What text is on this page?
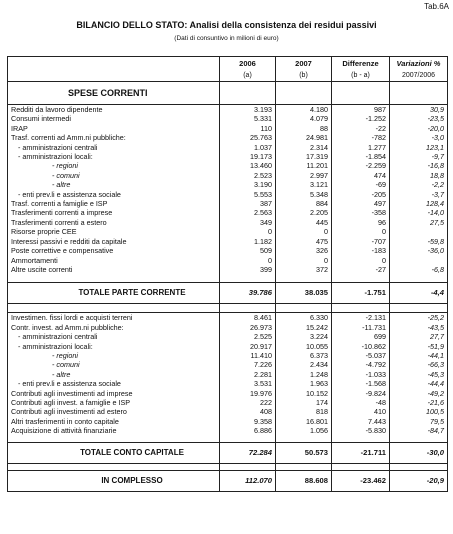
Tab.6A
BILANCIO DELLO STATO: Analisi della consistenza dei residui passivi
(Dati di consuntivo in milioni di euro)
	2006	2007	Differenze	Variazioni %
	(a)	(b)	(b - a)	2007/2006
SPESE CORRENTI				
Redditi da lavoro dipendente	3.193	4.180	987	30,9
Consumi intermedi	5.331	4.079	-1.252	-23,5
IRAP	110	88	-22	-20,0
Trasf. correnti ad Amm.ni pubbliche:	25.763	24.981	-782	-3,0
- amministrazioni centrali	1.037	2.314	1.277	123,1
- amministrazioni locali:	19.173	17.319	-1.854	-9,7
- regioni	13.460	11.201	-2.259	-16,8
- comuni	2.523	2.997	474	18,8
- altre	3.190	3.121	-69	-2,2
- enti prev.li e assistenza sociale	5.553	5.348	-205	-3,7
Trasf. correnti a famiglie e ISP	387	884	497	128,4
Trasferimenti correnti a imprese	2.563	2.205	-358	-14,0
Trasferimenti correnti a estero	349	445	96	27,5
Risorse proprie CEE	0	0	0	
Interessi passivi e redditi da capitale	1.182	475	-707	-59,8
Poste correttive e compensative	509	326	-183	-36,0
Ammortamenti	0	0	0	
Altre uscite correnti	399	372	-27	-6,8

TOTALE PARTE CORRENTE	39.786	38.035	-1.751	-4,4

Investimen. fissi lordi e acquisti terreni	8.461	6.330	-2.131	-25,2
Contr. invest. ad Amm.ni pubbliche:	26.973	15.242	-11.731	-43,5
- amministrazioni centrali	2.525	3.224	699	27,7
- amministrazioni locali:	20.917	10.055	-10.862	-51,9
- regioni	11.410	6.373	-5.037	-44,1
- comuni	7.226	2.434	-4.792	-66,3
- altre	2.281	1.248	-1.033	-45,3
- enti prev.li e assistenza sociale	3.531	1.963	-1.568	-44,4
Contributi agli investimenti ad imprese	19.976	10.152	-9.824	-49,2
Contributi agli invest. a famiglie e ISP	222	174	-48	-21,6
Contributi agli investimenti ad estero	408	818	410	100,5
Altri trasferimenti in conto capitale	9.358	16.801	7.443	79,5
Acquisizione di attività finanziarie	6.886	1.056	-5.830	-84,7

TOTALE CONTO CAPITALE	72.284	50.573	-21.711	-30,0

IN COMPLESSO	112.070	88.608	-23.462	-20,9
